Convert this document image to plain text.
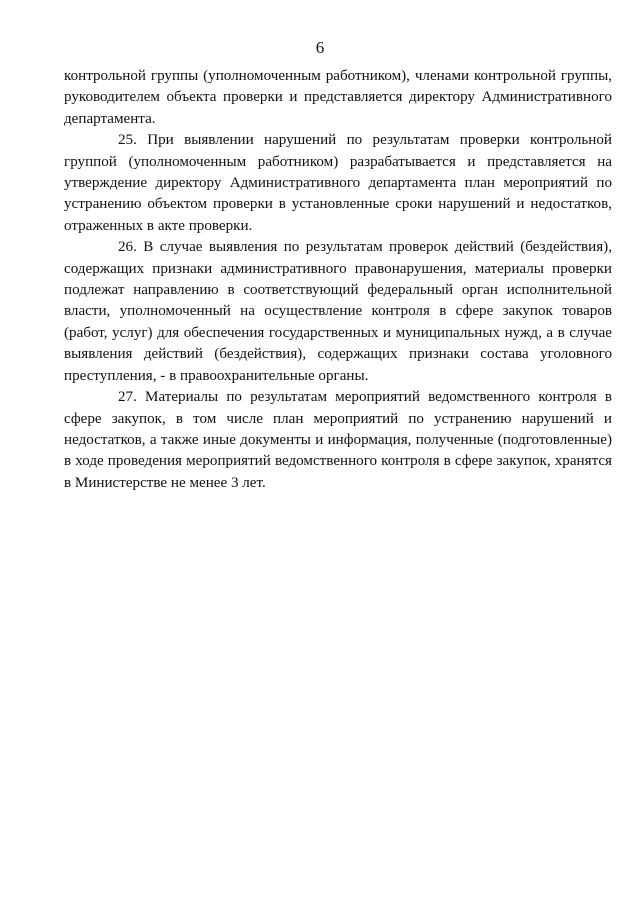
6

контрольной группы (уполномоченным работником), членами контрольной группы, руководителем объекта проверки и представляется директору Административного департамента.

25. При выявлении нарушений по результатам проверки контрольной группой (уполномоченным работником) разрабатывается и представляется на утверждение директору Административного департамента план мероприятий по устранению объектом проверки в установленные сроки нарушений и недостатков, отраженных в акте проверки.

26. В случае выявления по результатам проверок действий (бездействия), содержащих признаки административного правонарушения, материалы проверки подлежат направлению в соответствующий федеральный орган исполнительной власти, уполномоченный на осуществление контроля в сфере закупок товаров (работ, услуг) для обеспечения государственных и муниципальных нужд, а в случае выявления действий (бездействия), содержащих признаки состава уголовного преступления, - в правоохранительные органы.

27. Материалы по результатам мероприятий ведомственного контроля в сфере закупок, в том числе план мероприятий по устранению нарушений и недостатков, а также иные документы и информация, полученные (подготовленные) в ходе проведения мероприятий ведомственного контроля в сфере закупок, хранятся в Министерстве не менее 3 лет.
